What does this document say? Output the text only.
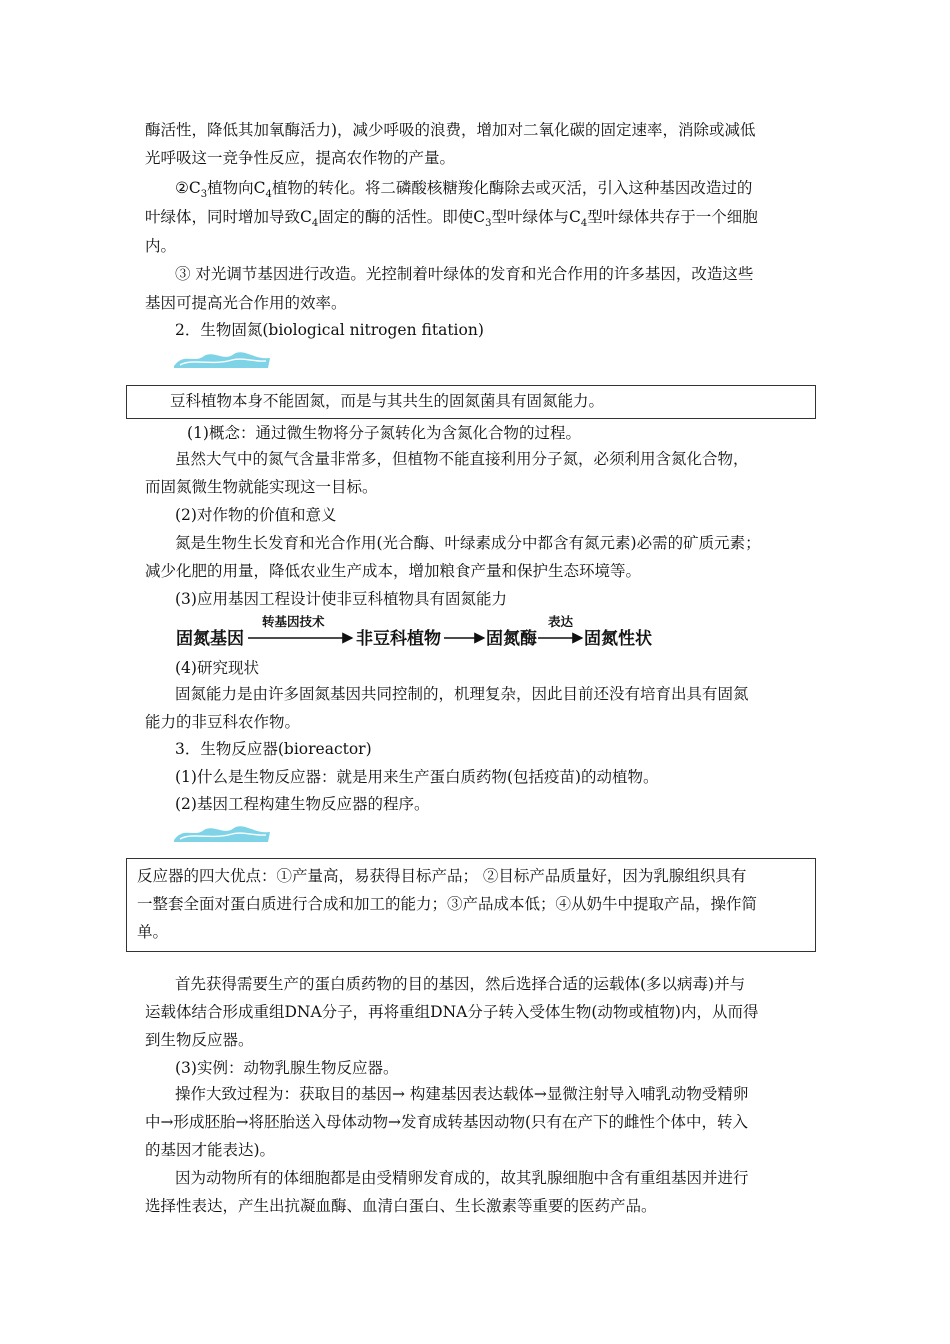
酶活性，降低其加氧酶活力)，减少呼吸的浪费，增加对二氧化碳的固定速率，消除或减低
光呼吸这一竞争性反应，提高农作物的产量。
$②C_3$植物向$C_4$植物的转化。将二磷酸核糖羧化酶除去或灭活，引入这种基因改造过的
叶绿体，同时增加导致$C_4$固定的酶的活性。即使$C_3$型叶绿体与$C_4$型叶绿体共存于一个细胞
内。
③ 对光调节基因进行改造。光控制着叶绿体的发育和光合作用的许多基因，改造这些
基因可提高光合作用的效率。
2．生物固氮(biological nitrogen fitation)
豆科植物本身不能固氮，而是与其共生的固氮菌具有固氮能力。
(1)概念：通过微生物将分子氮转化为含氮化合物的过程。
虽然大气中的氮气含量非常多，但植物不能直接利用分子氮，必须利用含氮化合物，
而固氮微生物就能实现这一目标。
(2)对作物的价值和意义
氮是生物生长发育和光合作用(光合酶、叶绿素成分中都含有氮元素)必需的矿质元素；
减少化肥的用量，降低农业生产成本，增加粮食产量和保护生态环境等。
(3)应用基因工程设计使非豆科植物具有固氮能力
固氮基因
转基因技术
非豆科植物	固氮酶
表达
固氮性状
(4)研究现状
固氮能力是由许多固氮基因共同控制的，机理复杂，因此目前还没有培育出具有固氮
能力的非豆科农作物。
3．生物反应器(bioreactor)
(1)什么是生物反应器：就是用来生产蛋白质药物(包括疫苗)的动植物。
(2)基因工程构建生物反应器的程序。
反应器的四大优点：①产量高，易获得目标产品； ②目标产品质量好，因为乳腺组织具有
一整套全面对蛋白质进行合成和加工的能力；③产品成本低；④从奶牛中提取产品，操作简
单。
首先获得需要生产的蛋白质药物的目的基因，然后选择合适的运载体(多以病毒)并与
运载体结合形成重组DNA分子，再将重组DNA分子转入受体生物(动物或植物)内，从而得
到生物反应器。
(3)实例：动物乳腺生物反应器。
操作大致过程为：获取目的基因→ 构建基因表达载体→显微注射导入哺乳动物受精卵
中→形成胚胎→将胚胎送入母体动物→发育成转基因动物(只有在产下的雌性个体中，转入
的基因才能表达)。
因为动物所有的体细胞都是由受精卵发育成的，故其乳腺细胞中含有重组基因并进行
选择性表达，产生出抗凝血酶、血清白蛋白、生长激素等重要的医药产品。
